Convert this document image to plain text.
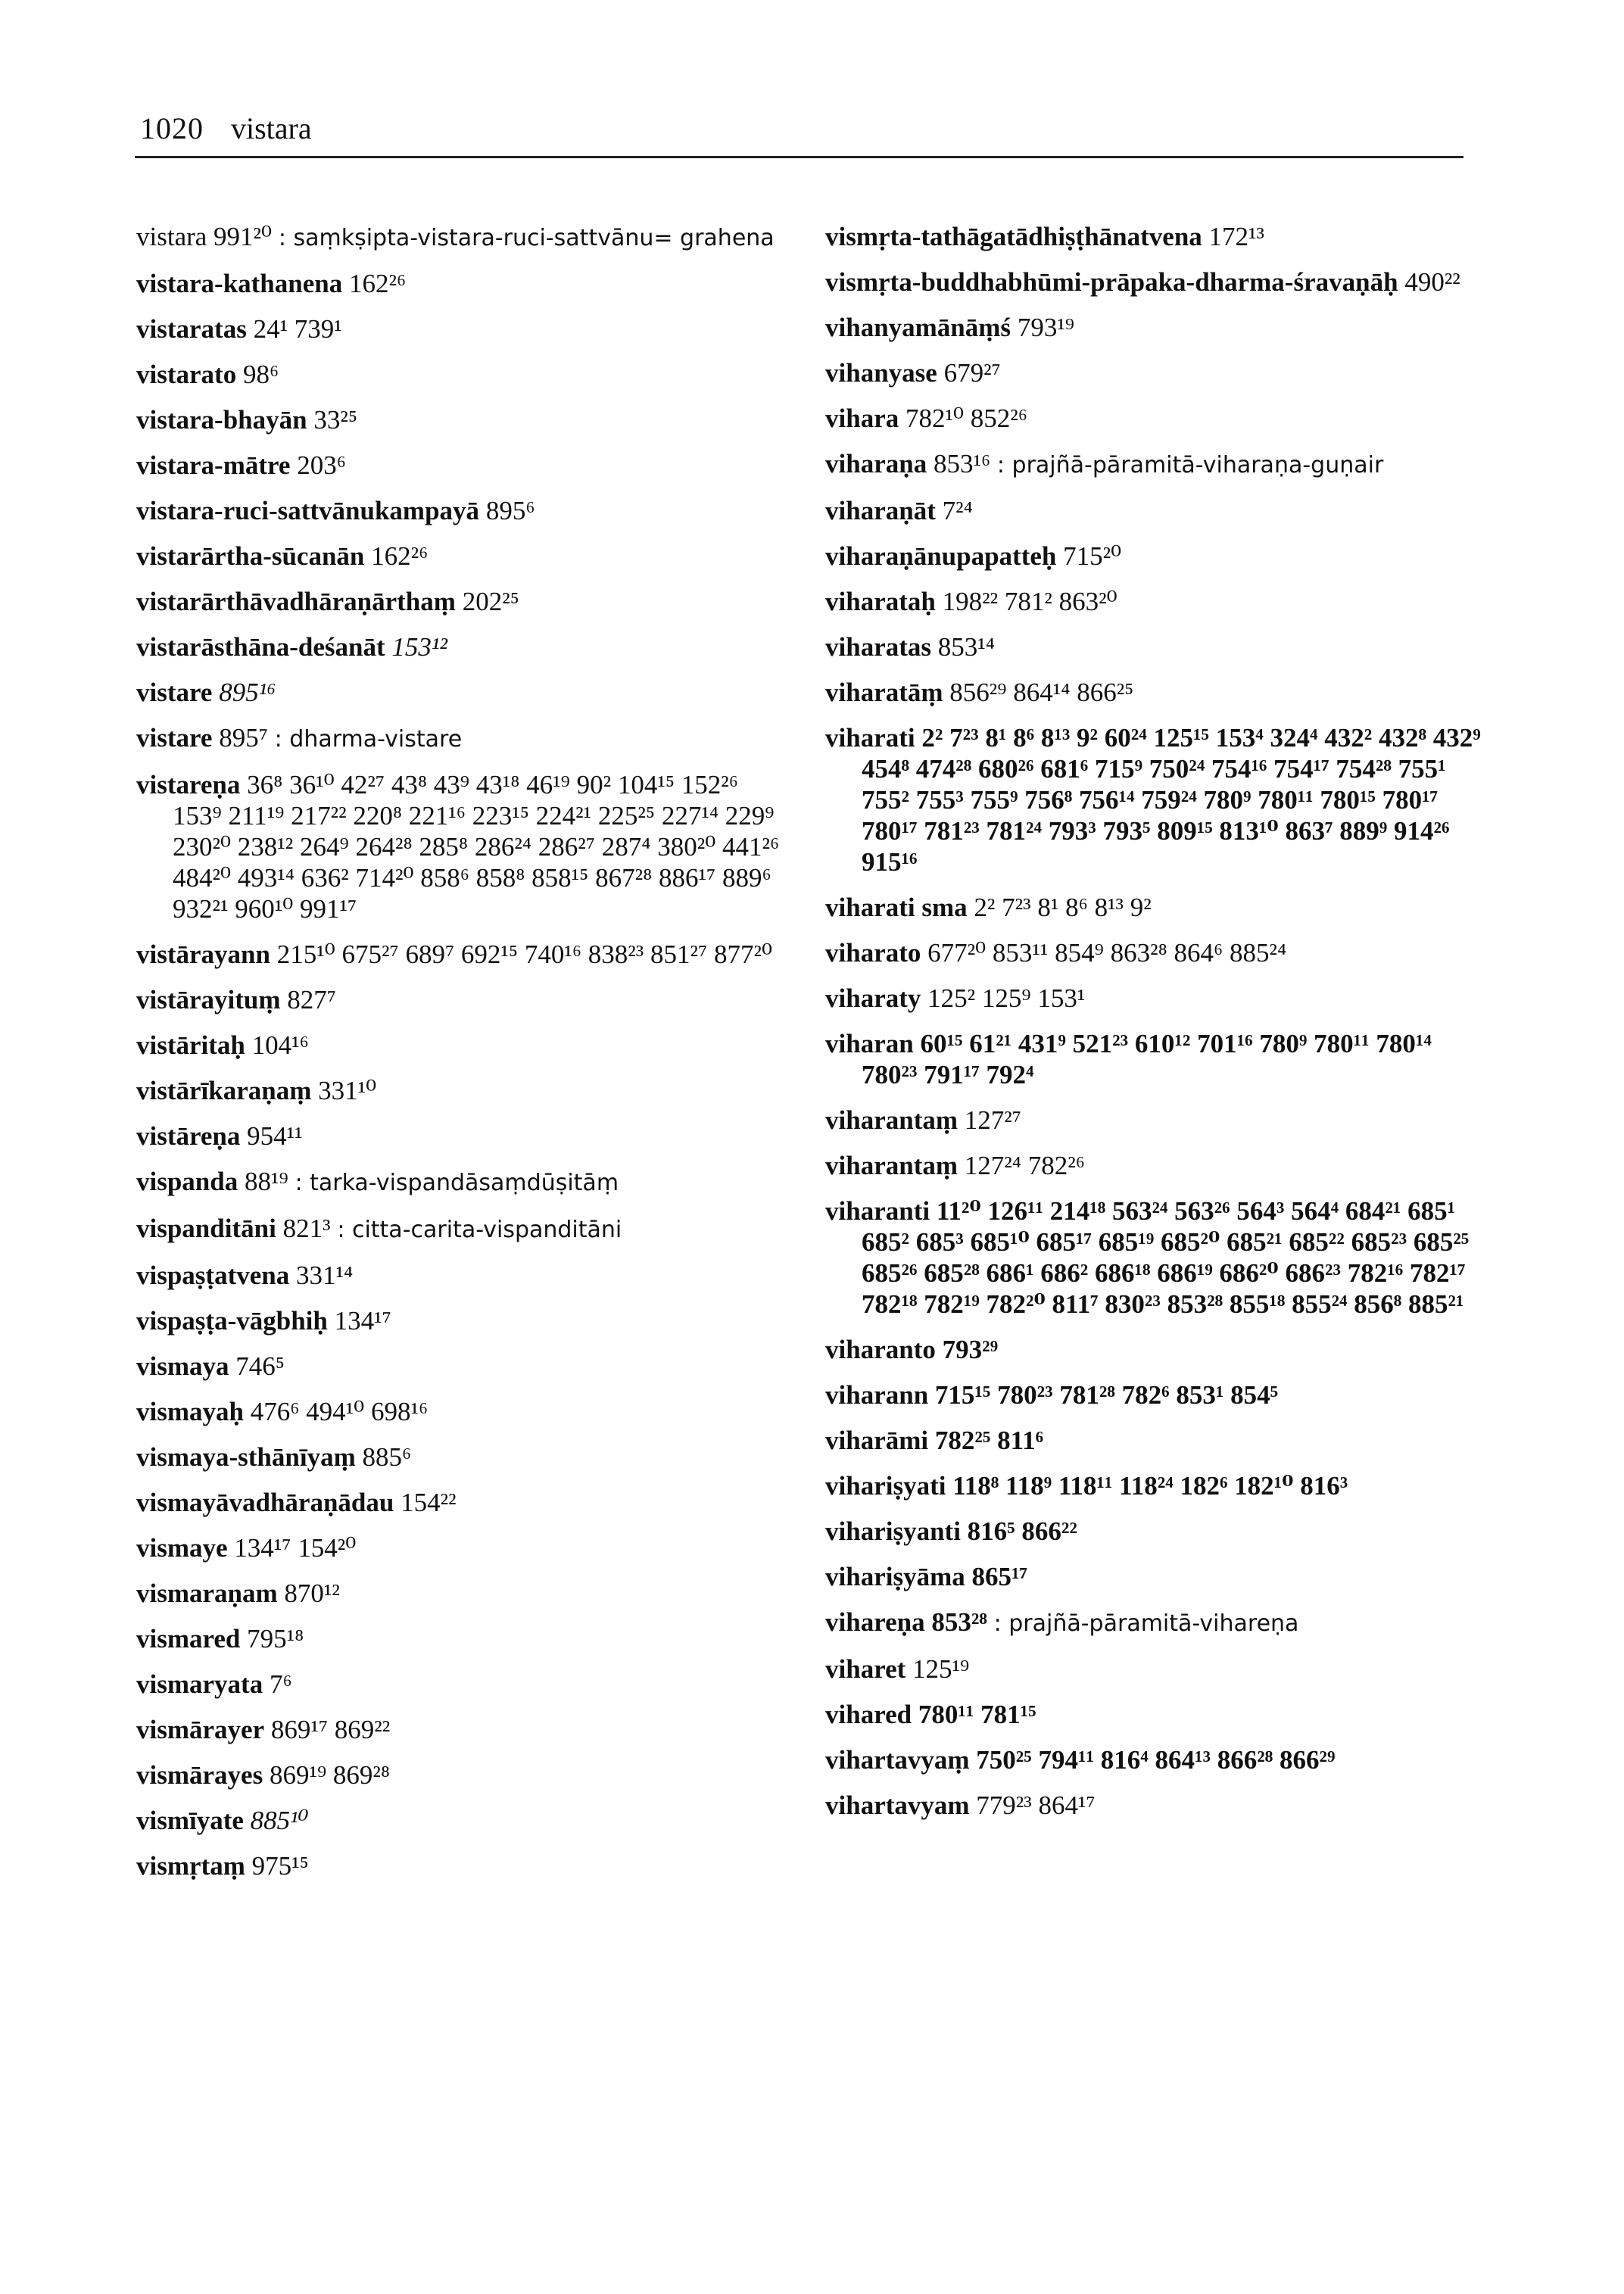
1020 vistara
vistara 991²⁰ : saṃkṣipta-vistara-ruci-sattvānu= grahena
vistara-kathanena 162²⁶
vistaratas 24¹ 739¹
vistarato 98⁶
vistara-bhayān 33²⁵
vistara-mātre 203⁶
vistara-ruci-sattvānukampayā 895⁶
vistarārtha-sūcanān 162²⁶
vistarārthāvadhāraṇārthaṃ 202²⁵
vistarāsthāna-deśanāt 153¹²
vistare 895¹⁶
vistare 895⁷ : dharma-vistare
vistareṇa 36⁸ 36¹⁰ 42²⁷ 43⁸ 43⁹ 43¹⁸ 46¹⁹ 90² 104¹⁵ 152²⁶ 153⁹ 211¹⁹ 217²² 220⁸ 221¹⁶ 223¹⁵ 224²¹ 225²⁵ 227¹⁴ 229⁹ 230²⁰ 238¹² 264⁹ 264²⁸ 285⁸ 286²⁴ 286²⁷ 287⁴ 380²⁰ 441²⁶ 484²⁰ 493¹⁴ 636² 714²⁰ 858⁶ 858⁸ 858¹⁵ 867²⁸ 886¹⁷ 889⁶ 932²¹ 960¹⁰ 991¹⁷
vistārayann 215¹⁰ 675²⁷ 689⁷ 692¹⁵ 740¹⁶ 838²³ 851²⁷ 877²⁰
vistārayituṃ 827⁷
vistāritaḥ 104¹⁶
vistārīkaraṇaṃ 331¹⁰
vistāreṇa 954¹¹
vispanda 88¹⁹ : tarka-vispandāsaṃdūṣitāṃ
vispanditāni 821³ : citta-carita-vispanditāni
vispaṣṭatvena 331¹⁴
vispaṣṭa-vāgbhiḥ 134¹⁷
vismaya 746⁵
vismayaḥ 476⁶ 494¹⁰ 698¹⁶
vismaya-sthānīyaṃ 885⁶
vismayāvadhāraṇādau 154²²
vismaye 134¹⁷ 154²⁰
vismaraṇam 870¹²
vismared 795¹⁸
vismaryata 7⁶
vismārayer 869¹⁷ 869²²
vismārayes 869¹⁹ 869²⁸
vismīyate 885¹⁰
vismṛtaṃ 975¹⁵
vismṛta-tathāgatādhiṣṭhānatvena 172¹³
vismṛta-buddhabhūmi-prāpaka-dharma-śravaṇāḥ 490²²
vihanyamānāṃś 793¹⁹
vihanyase 679²⁷
vihara 782¹⁰ 852²⁶
viharaṇa 853¹⁶ : prajñā-pāramitā-viharaṇa-guṇair
viharaṇāt 7²⁴
viharaṇānupapatteḥ 715²⁰
viharataḥ 198²² 781² 863²⁰
viharatas 853¹⁴
viharatāṃ 856²⁹ 864¹⁴ 866²⁵
viharati 2² 7²³ 8¹ 8⁶ 8¹³ 9² 60²⁴ 125¹⁵ 153⁴ 324⁴ 432² 432⁸ 432⁹ 454⁸ 474²⁸ 680²⁶ 681⁶ 715⁹ 750²⁴ 754¹⁶ 754¹⁷ 754²⁸ 755¹ 755² 755³ 755⁹ 756⁸ 756¹⁴ 759²⁴ 780⁹ 780¹¹ 780¹⁵ 780¹⁷ 780¹⁷ 781²³ 781²⁴ 793³ 793⁵ 809¹⁵ 813¹⁰ 863⁷ 889⁹ 914²⁶ 915¹⁶
viharati sma 2² 7²³ 8¹ 8⁶ 8¹³ 9²
viharato 677²⁰ 853¹¹ 854⁹ 863²⁸ 864⁶ 885²⁴
viharaty 125² 125⁹ 153¹
viharan 60¹⁵ 61²¹ 431⁹ 521²³ 610¹² 701¹⁶ 780⁹ 780¹¹ 780¹⁴ 780²³ 791¹⁷ 792⁴
viharantaṃ 127²⁷
viharantaṃ 127²⁴ 782²⁶
viharanti 11²⁰ 126¹¹ 214¹⁸ 563²⁴ 563²⁶ 564³ 564⁴ 684²¹ 685¹ 685² 685³ 685¹⁰ 685¹⁷ 685¹⁹ 685²⁰ 685²¹ 685²² 685²³ 685²⁵ 685²⁶ 685²⁸ 686¹ 686² 686¹⁸ 686¹⁹ 686²⁰ 686²³ 782¹⁶ 782¹⁷ 782¹⁸ 782¹⁹ 782²⁰ 811⁷ 830²³ 853²⁸ 855¹⁸ 855²⁴ 856⁸ 885²¹
viharanto 793²⁹
viharann 715¹⁵ 780²³ 781²⁸ 782⁶ 853¹ 854⁵
viharāmi 782²⁵ 811⁶
vihariṣyati 118⁸ 118⁹ 118¹¹ 118²⁴ 182⁶ 182¹⁰ 816³
vihariṣyanti 816⁵ 866²²
vihariṣyāma 865¹⁷
vihareṇa 853²⁸ : prajñā-pāramitā-vihareṇa
viharet 125¹⁹
vihared 780¹¹ 781¹⁵
vihartavyaṃ 750²⁵ 794¹¹ 816⁴ 864¹³ 866²⁸ 866²⁹
vihartavyam 779²³ 864¹⁷
